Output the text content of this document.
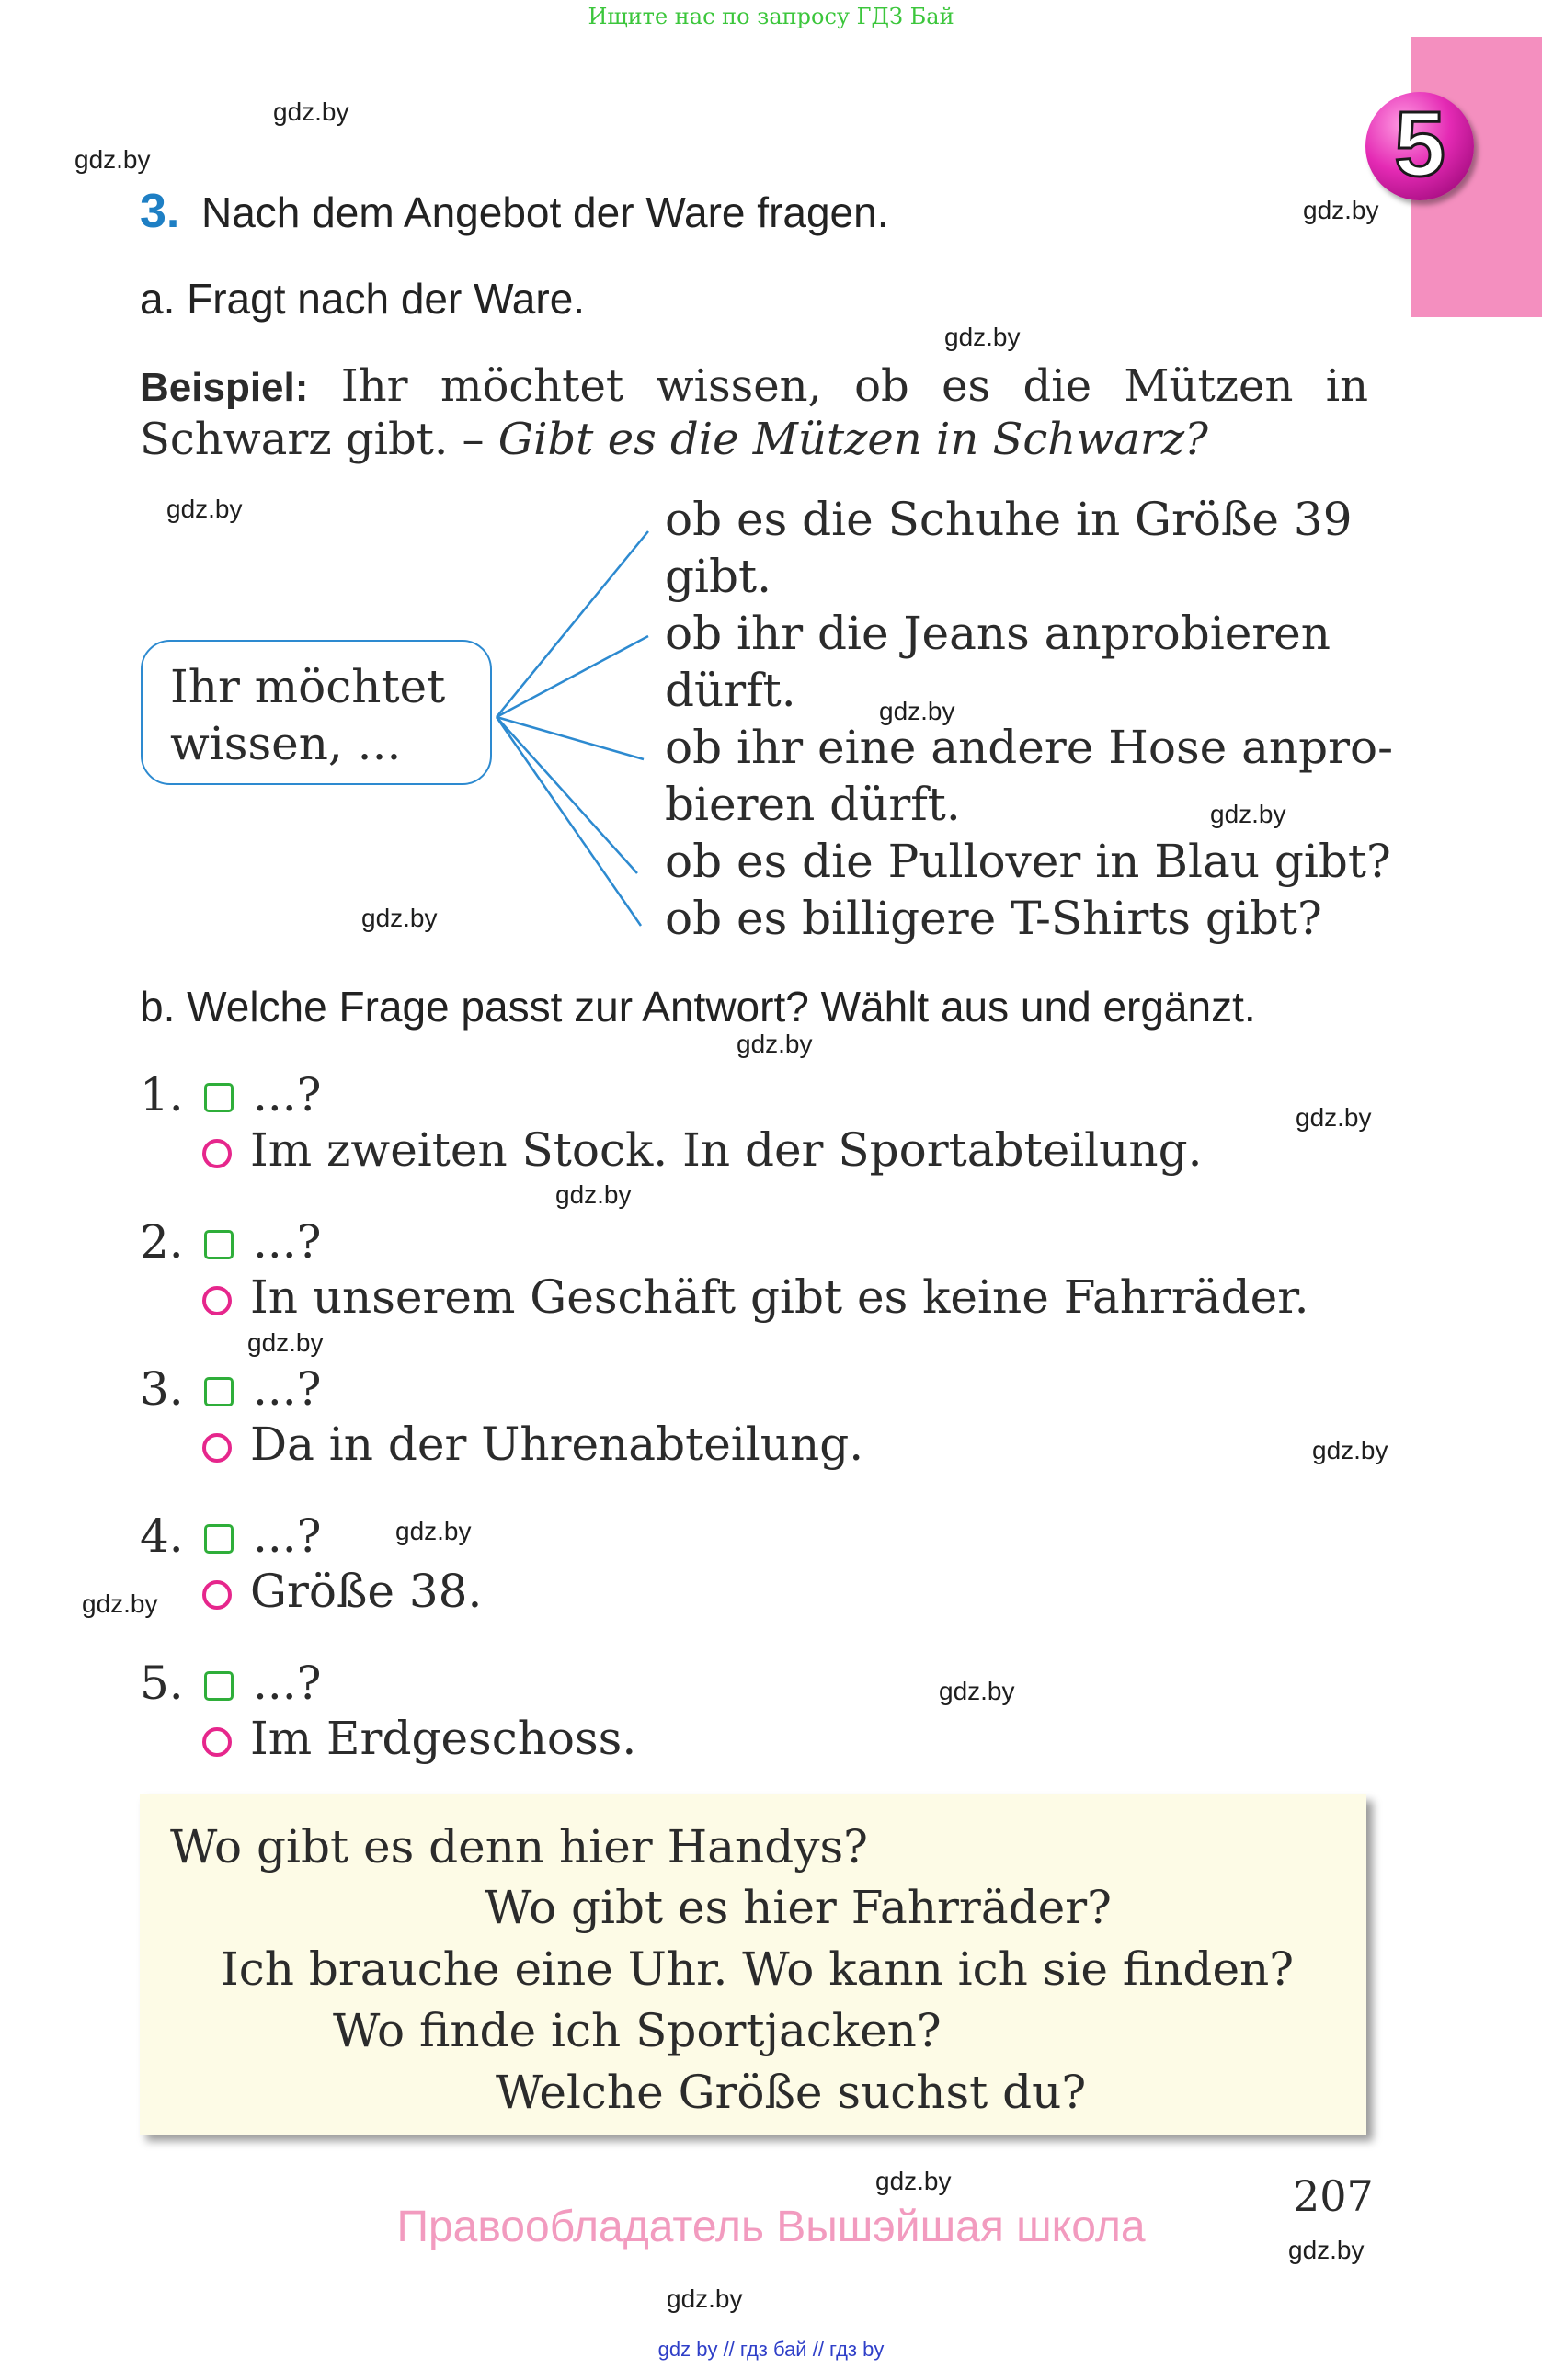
Ищите нас по запросу ГДЗ Бай
5
gdz.by
gdz.by
gdz.by
gdz.by
gdz.by
gdz.by
gdz.by
gdz.by
gdz.by
gdz.by
gdz.by
gdz.by
gdz.by
gdz.by
gdz.by
gdz.by
gdz.by
gdz.by
gdz.by
3. Nach dem Angebot der Ware fragen.
a. Fragt nach der Ware.
Beispiel: Ihr möchtet wissen, ob es die Mützen in
Schwarz gibt. – Gibt es die Mützen in Schwarz?
Ihr möchtet
wissen, ...
ob es die Schuhe in Größe 39
gibt.
ob ihr die Jeans anprobieren
dürft.
ob ihr eine andere Hose anpro-
bieren dürft.
ob es die Pullover in Blau gibt?
ob es billigere T-Shirts gibt?
b. Welche Frage passt zur Antwort? Wählt aus und ergänzt.
1. ...?
Im zweiten Stock. In der Sportabteilung.
2. ...?
In unserem Geschäft gibt es keine Fahrräder.
3. ...?
Da in der Uhrenabteilung.
4. ...?
Größe 38.
5. ...?
Im Erdgeschoss.
Wo gibt es denn hier Handys?
Wo gibt es hier Fahrräder?
Ich brauche eine Uhr. Wo kann ich sie finden?
Wo finde ich Sportjacken?
Welche Größe suchst du?
207
Правообладатель Вышэйшая школа
gdz by // гдз бай // гдз by
